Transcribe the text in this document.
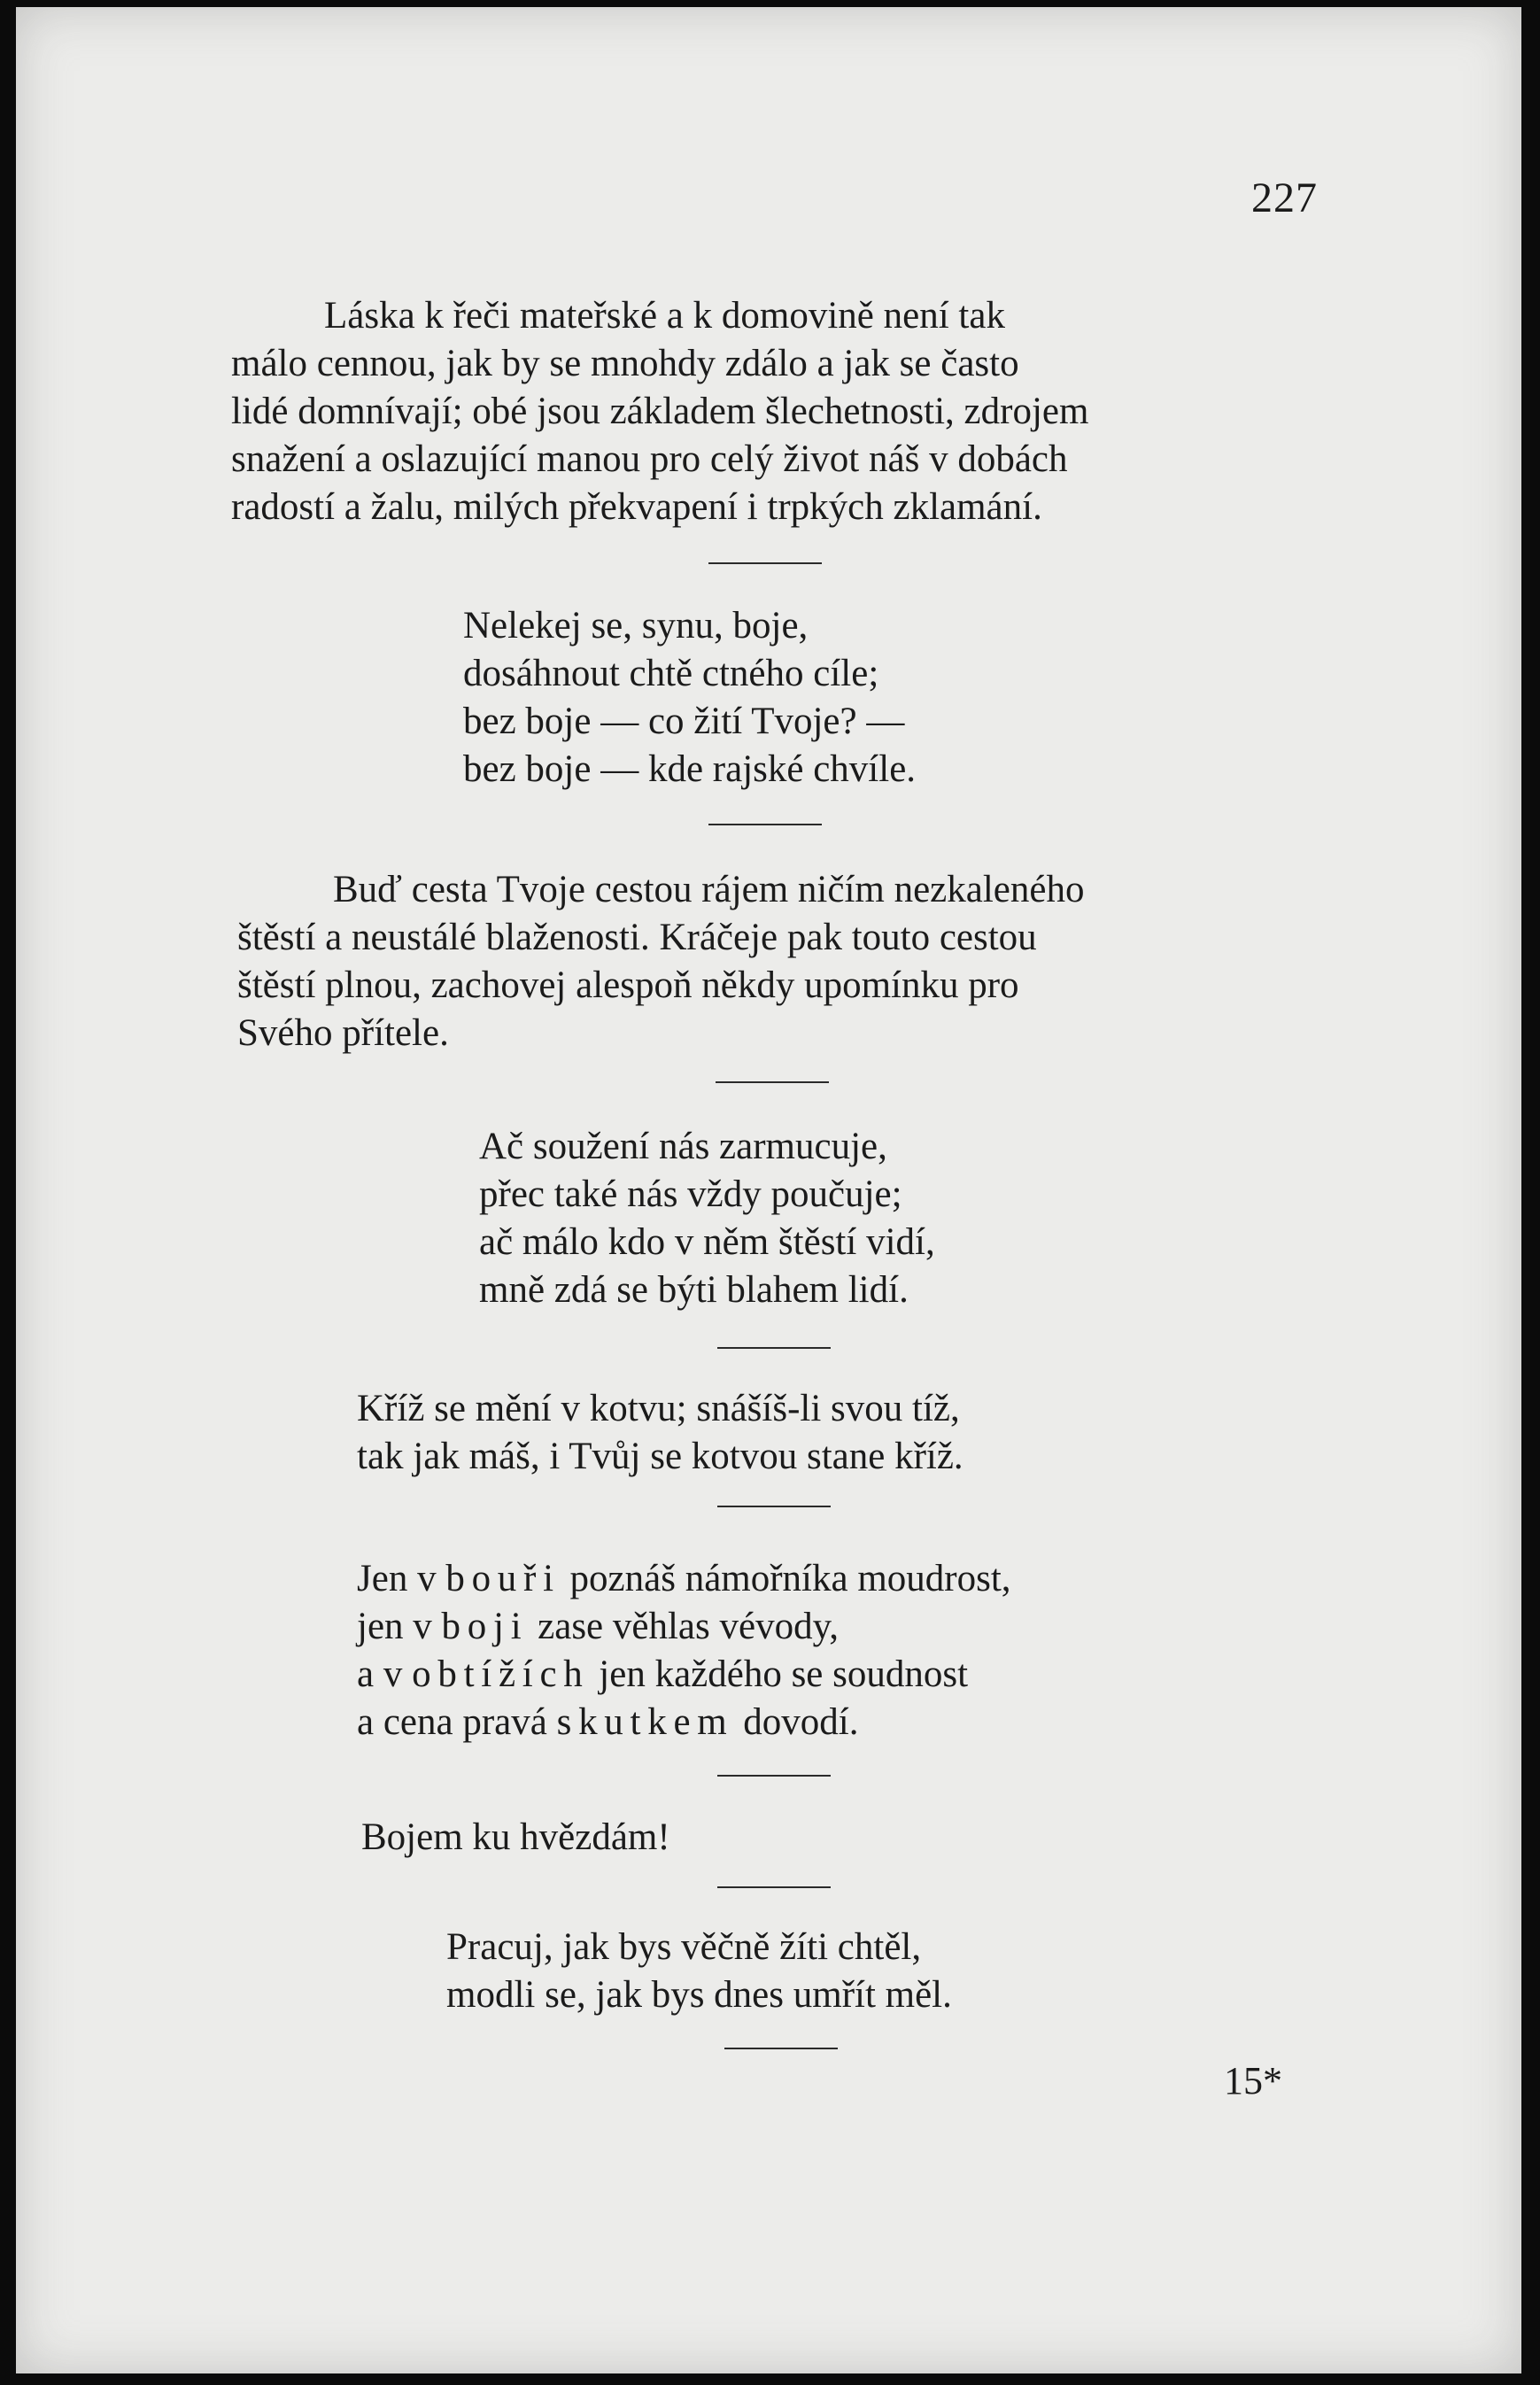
227
Láska k řeči mateřské a k domovině není tak
málo cennou, jak by se mnohdy zdálo a jak se často
lidé domnívají; obé jsou základem šlechetnosti, zdrojem
snažení a oslazující manou pro celý život náš v dobách
radostí a žalu, milých překvapení i trpkých zklamání.
Nelekej se, synu, boje,
dosáhnout chtě ctného cíle;
bez boje — co žití Tvoje? —
bez boje — kde rajské chvíle.
Buď cesta Tvoje cestou rájem ničím nezkaleného
štěstí a neustálé blaženosti. Kráčeje pak touto cestou
štěstí plnou, zachovej alespoň někdy upomínku pro
Svého přítele.
Ač soužení nás zarmucuje,
přec také nás vždy poučuje;
ač málo kdo v něm štěstí vidí,
mně zdá se býti blahem lidí.
Kříž se mění v kotvu; snášíš-li svou tíž,
tak jak máš, i Tvůj se kotvou stane kříž.
Jen v bouři poznáš námořníka moudrost,
jen v boji zase věhlas vévody,
a v obtížích jen každého se soudnost
a cena pravá skutkem dovodí.
Bojem ku hvězdám!
Pracuj, jak bys věčně žíti chtěl,
modli se, jak bys dnes umřít měl.
15*
